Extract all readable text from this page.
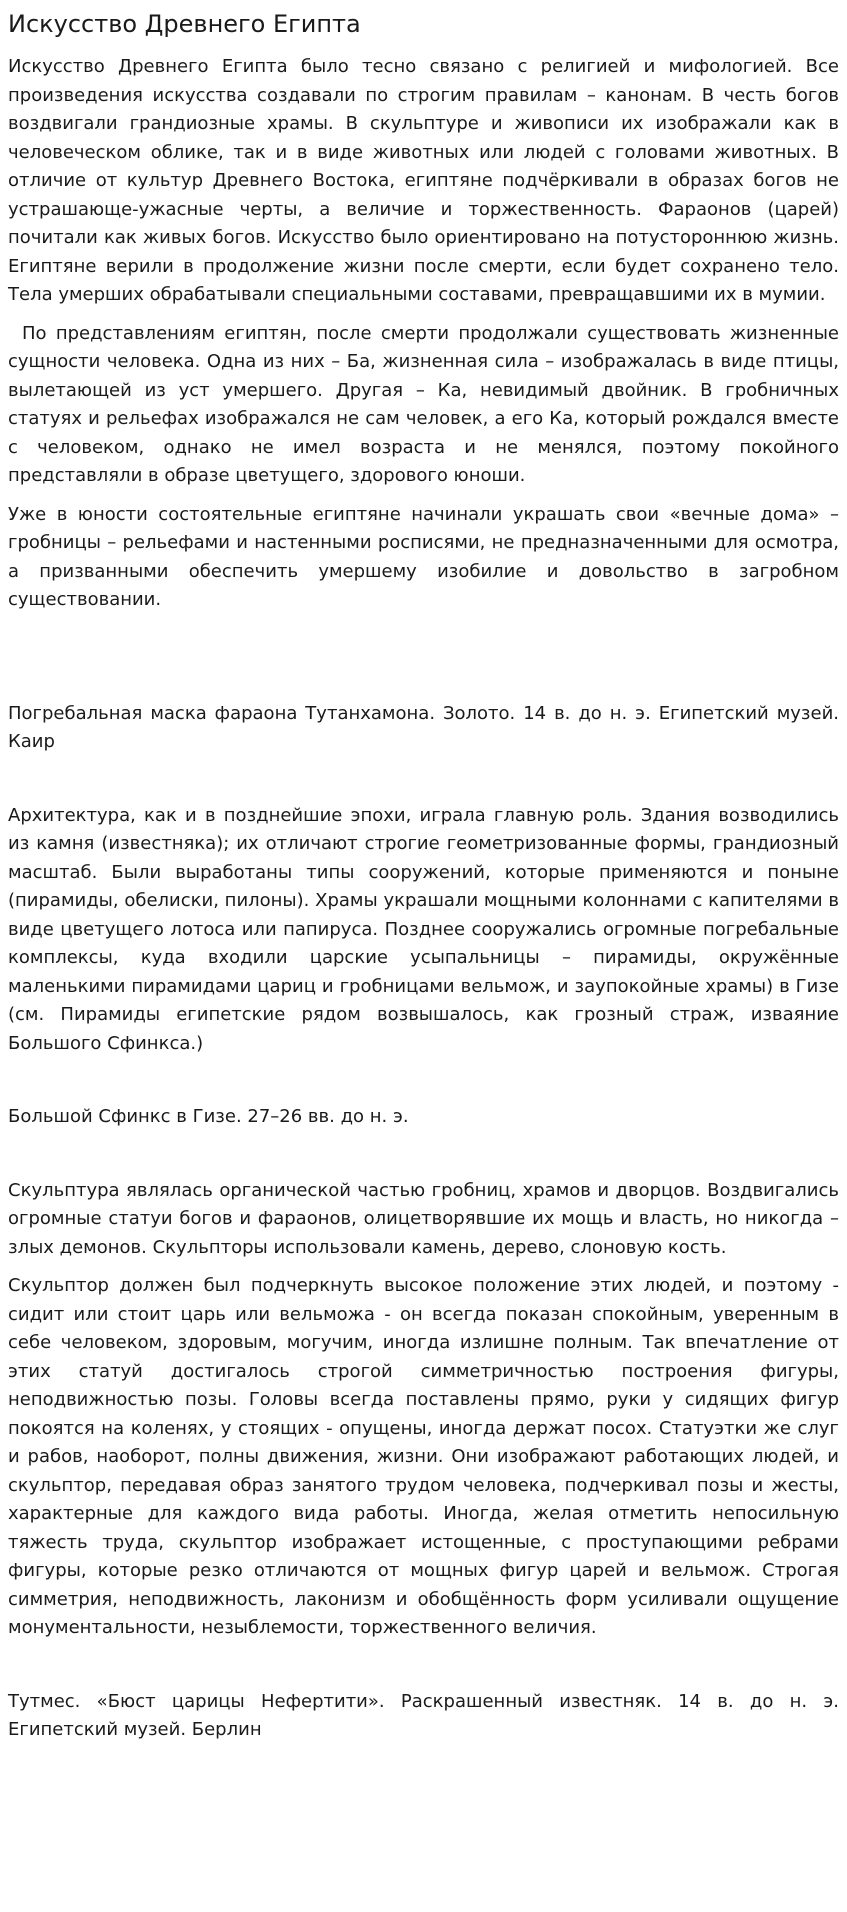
Искусство Древнего Египта

Искусство Древнего Египта было тесно связано с религией и мифологией. Все произведения искусства создавали по строгим правилам – канонам. В честь богов воздвигали грандиозные храмы. В скульптуре и живописи их изображали как в человеческом облике, так и в виде животных или людей с головами животных. В отличие от культур Древнего Востока, египтяне подчёркивали в образах богов не устрашающе-ужасные черты, а величие и торжественность. Фараонов (царей) почитали как живых богов. Искусство было ориентировано на потустороннюю жизнь. Египтяне верили в продолжение жизни после смерти, если будет сохранено тело. Тела умерших обрабатывали специальными составами, превращавшими их в мумии.

По представлениям египтян, после смерти продолжали существовать жизненные сущности человека. Одна из них – Ба, жизненная сила – изображалась в виде птицы, вылетающей из уст умершего. Другая – Ка, невидимый двойник. В гробничных статуях и рельефах изображался не сам человек, а его Ка, который рождался вместе с человеком, однако не имел возраста и не менялся, поэтому покойного представляли в образе цветущего, здорового юноши.

Уже в юности состоятельные египтяне начинали украшать свои «вечные дома» – гробницы – рельефами и настенными росписями, не предназначенными для осмотра, а призванными обеспечить умершему изобилие и довольство в загробном существовании.

Погребальная маска фараона Тутанхамона. Золото. 14 в. до н. э. Египетский музей. Каир

Архитектура, как и в позднейшие эпохи, играла главную роль. Здания возводились из камня (известняка); их отличают строгие геометризованные формы, грандиозный масштаб. Были выработаны типы сооружений, которые применяются и поныне (пирамиды, обелиски, пилоны). Храмы украшали мощными колоннами с капителями в виде цветущего лотоса или папируса. Позднее сооружались огромные погребальные комплексы, куда входили царские усыпальницы – пирамиды, окружённые маленькими пирамидами цариц и гробницами вельмож, и заупокойные храмы) в Гизе (см. Пирамиды египетские рядом возвышалось, как грозный страж, изваяние Большого Сфинкса.)

Большой Сфинкс в Гизе. 27–26 вв. до н. э.

Скульптура являлась органической частью гробниц, храмов и дворцов. Воздвигались огромные статуи богов и фараонов, олицетворявшие их мощь и власть, но никогда – злых демонов. Скульпторы использовали камень, дерево, слоновую кость.

Скульптор должен был подчеркнуть высокое положение этих людей, и поэтому - сидит или стоит царь или вельможа - он всегда показан спокойным, уверенным в себе человеком, здоровым, могучим, иногда излишне полным. Так впечатление от этих статуй достигалось строгой симметричностью построения фигуры, неподвижностью позы. Головы всегда поставлены прямо, руки у сидящих фигур покоятся на коленях, у стоящих - опущены, иногда держат посох. Статуэтки же слуг и рабов, наоборот, полны движения, жизни. Они изображают работающих людей, и скульптор, передавая образ занятого трудом человека, подчеркивал позы и жесты, характерные для каждого вида работы. Иногда, желая отметить непосильную тяжесть труда, скульптор изображает истощенные, с проступающими ребрами фигуры, которые резко отличаются от мощных фигур царей и вельмож. Строгая симметрия, неподвижность, лаконизм и обобщённость форм усиливали ощущение монументальности, незыблемости, торжественного величия.

Тутмес. «Бюст царицы Нефертити». Раскрашенный известняк. 14 в. до н. э. Египетский музей. Берлин
